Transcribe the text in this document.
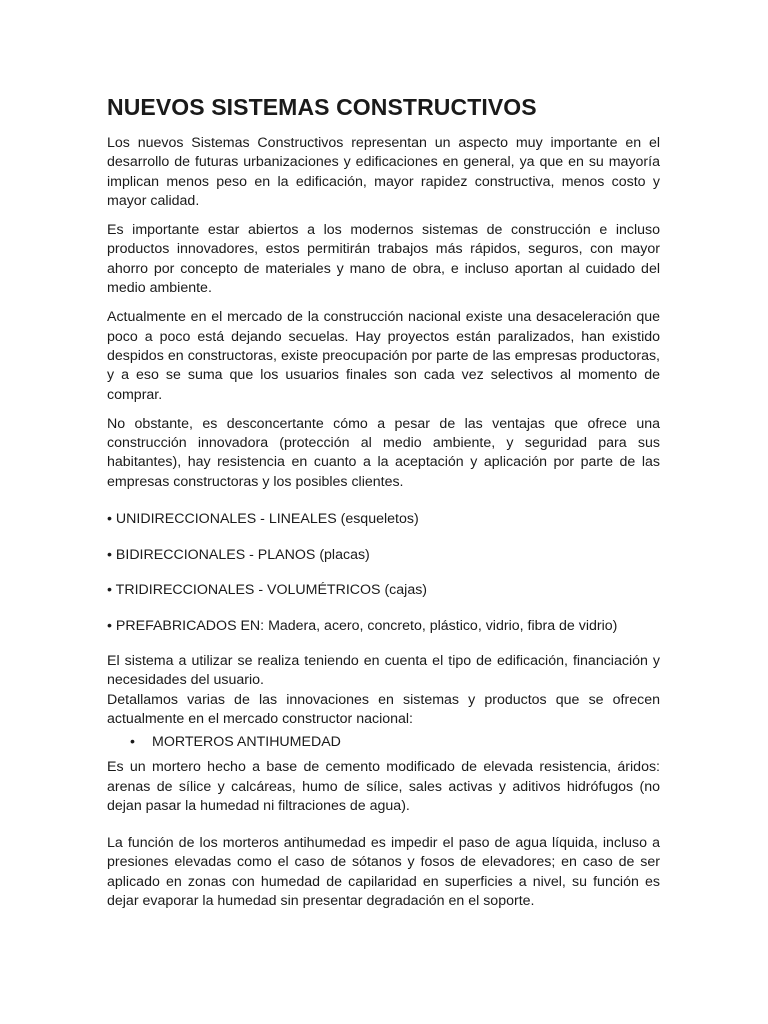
NUEVOS SISTEMAS CONSTRUCTIVOS

Los nuevos Sistemas Constructivos representan un aspecto muy importante en el desarrollo de futuras urbanizaciones y edificaciones en general, ya que en su mayoría implican menos peso en la edificación, mayor rapidez constructiva, menos costo y mayor calidad.

Es importante estar abiertos a los modernos sistemas de construcción e incluso productos innovadores, estos permitirán trabajos más rápidos, seguros, con mayor ahorro por concepto de materiales y mano de obra, e incluso aportan al cuidado del medio ambiente.

Actualmente en el mercado de la construcción nacional existe una desaceleración que poco a poco está dejando secuelas. Hay proyectos están paralizados, han existido despidos en constructoras, existe preocupación por parte de las empresas productoras, y a eso se suma que los usuarios finales son cada vez selectivos al momento de comprar.

No obstante, es desconcertante cómo a pesar de las ventajas que ofrece una construcción innovadora (protección al medio ambiente, y seguridad para sus habitantes), hay resistencia en cuanto a la aceptación y aplicación por parte de las empresas constructoras y los posibles clientes.

• UNIDIRECCIONALES - LINEALES (esqueletos)
• BIDIRECCIONALES - PLANOS (placas)
• TRIDIRECCIONALES - VOLUMÉTRICOS (cajas)
• PREFABRICADOS EN: Madera, acero, concreto, plástico, vidrio, fibra de vidrio)

El sistema a utilizar se realiza teniendo en cuenta el tipo de edificación, financiación y necesidades del usuario.

Detallamos varias de las innovaciones en sistemas y productos que se ofrecen actualmente en el mercado constructor nacional:

• MORTEROS ANTIHUMEDAD

Es un mortero hecho a base de cemento modificado de elevada resistencia, áridos: arenas de sílice y calcáreas, humo de sílice, sales activas y aditivos hidrófugos (no dejan pasar la humedad ni filtraciones de agua).

La función de los morteros antihumedad es impedir el paso de agua líquida, incluso a presiones elevadas como el caso de sótanos y fosos de elevadores; en caso de ser aplicado en zonas con humedad de capilaridad en superficies a nivel, su función es dejar evaporar la humedad sin presentar degradación en el soporte.
